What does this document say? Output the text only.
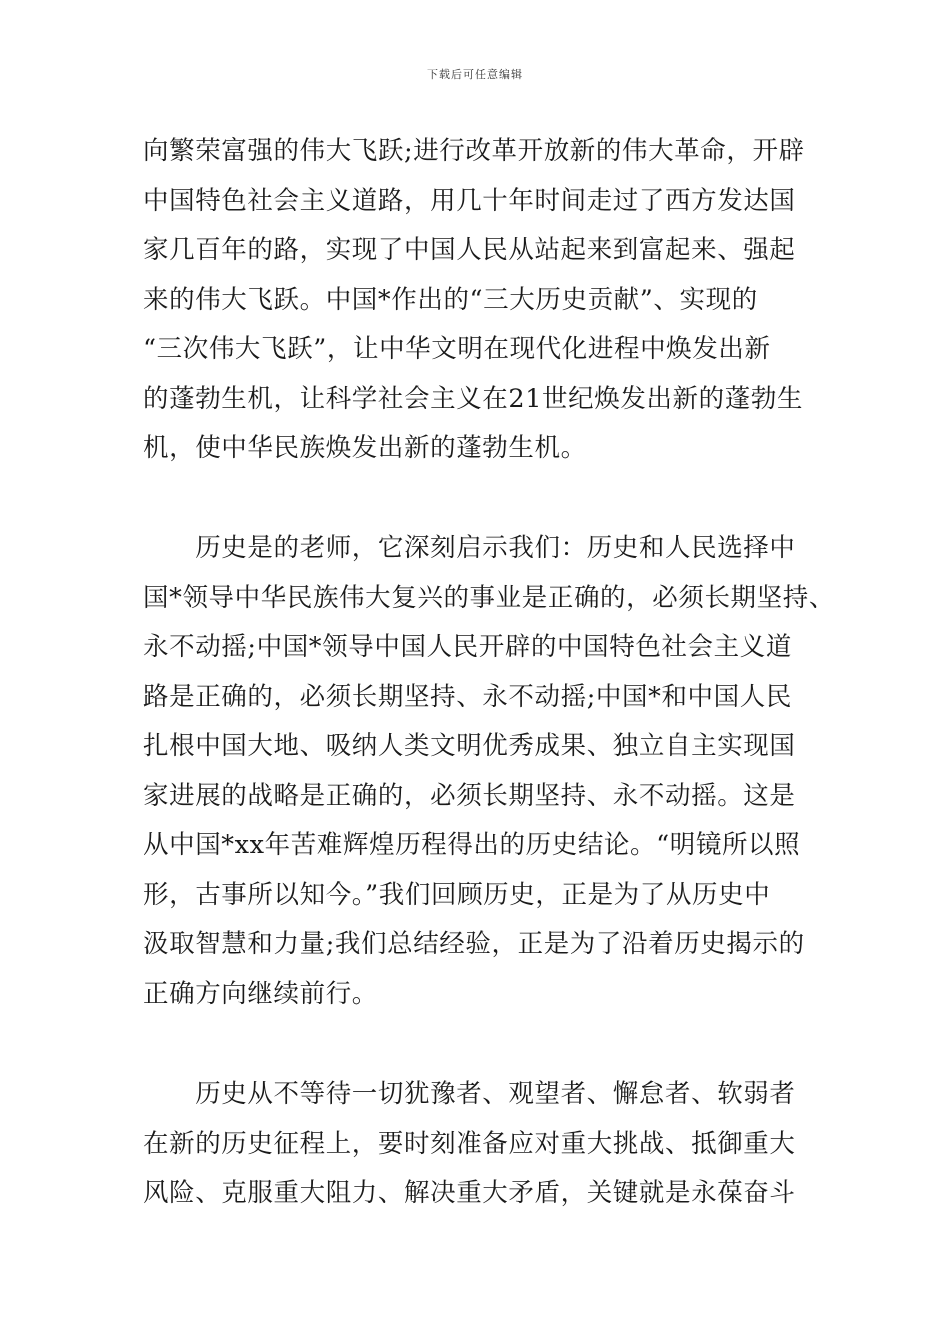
下载后可任意编辑
向繁荣富强的伟大飞跃;进行改革开放新的伟大革命，开辟
中国特色社会主义道路，用几十年时间走过了西方发达国
家几百年的路，实现了中国人民从站起来到富起来、强起
来的伟大飞跃。中国*作出的“三大历史贡献”、实现的
“三次伟大飞跃”，让中华文明在现代化进程中焕发出新
的蓬勃生机，让科学社会主义在21世纪焕发出新的蓬勃生
机，使中华民族焕发出新的蓬勃生机。
　　历史是的老师，它深刻启示我们：历史和人民选择中
国*领导中华民族伟大复兴的事业是正确的，必须长期坚持、
永不动摇;中国*领导中国人民开辟的中国特色社会主义道
路是正确的，必须长期坚持、永不动摇;中国*和中国人民
扎根中国大地、吸纳人类文明优秀成果、独立自主实现国
家进展的战略是正确的，必须长期坚持、永不动摇。这是
从中国*xx年苦难辉煌历程得出的历史结论。“明镜所以照
形，古事所以知今。”我们回顾历史，正是为了从历史中
汲取智慧和力量;我们总结经验，正是为了沿着历史揭示的
正确方向继续前行。
　　历史从不等待一切犹豫者、观望者、懈怠者、软弱者
在新的历史征程上，要时刻准备应对重大挑战、抵御重大
风险、克服重大阻力、解决重大矛盾，关键就是永葆奋斗
